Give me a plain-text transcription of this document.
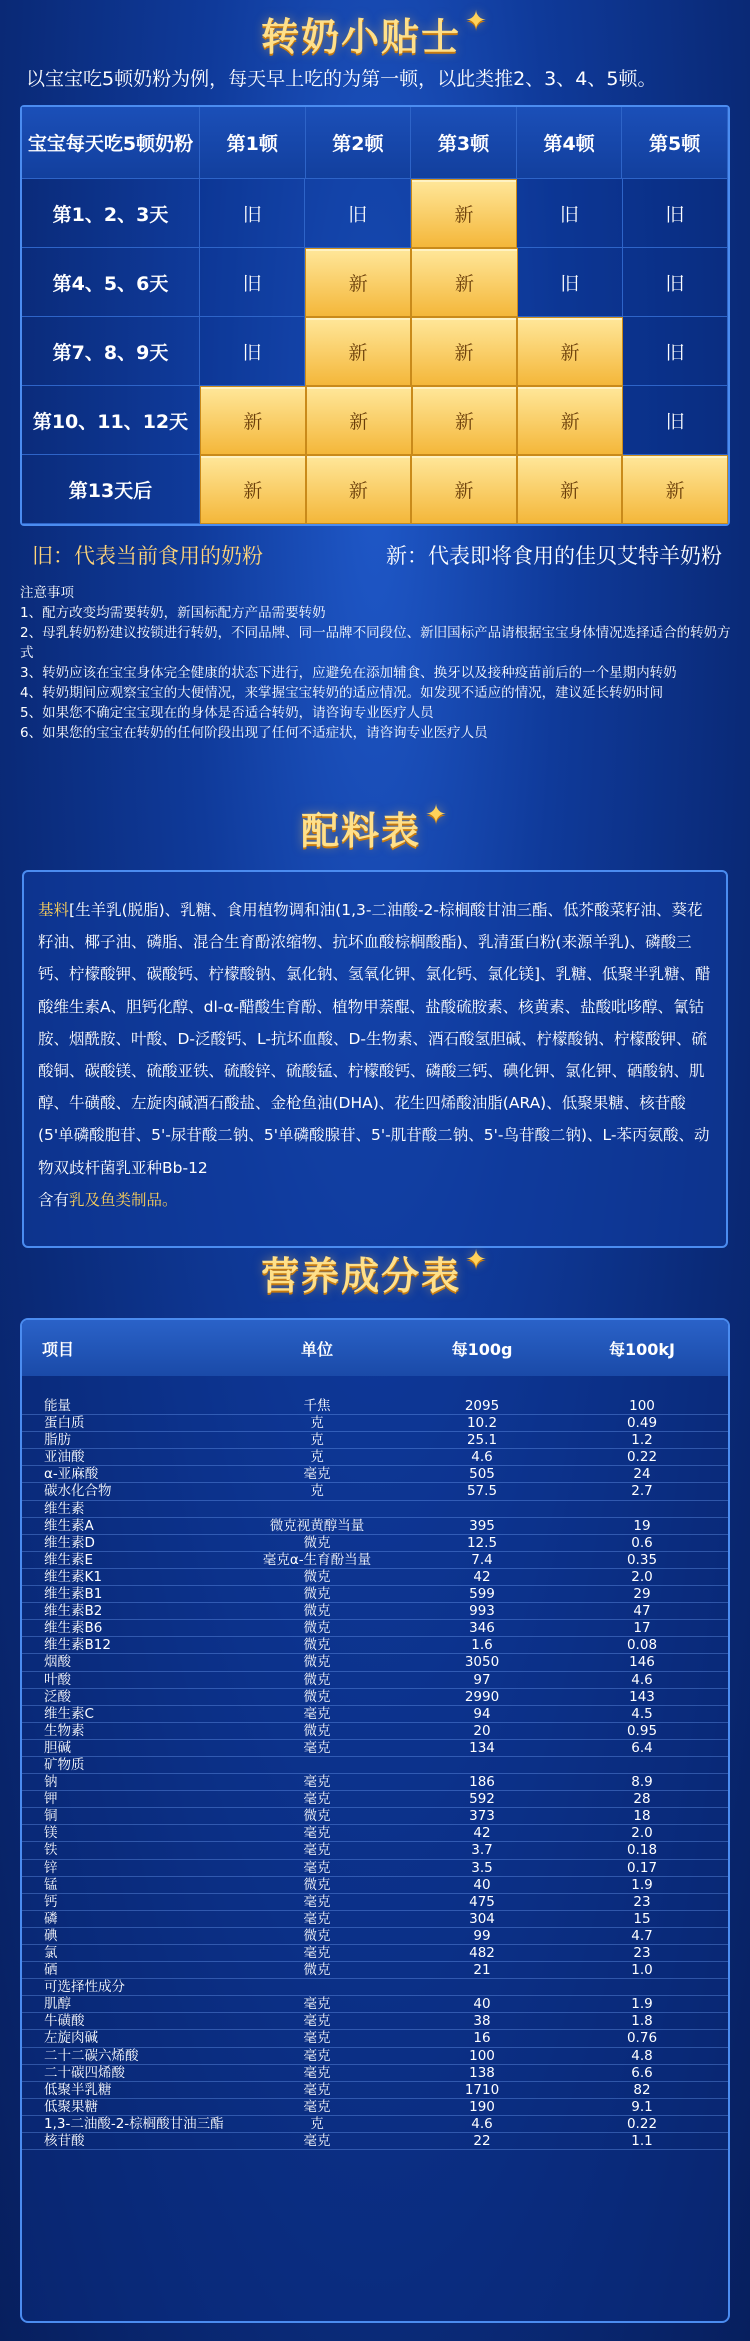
转奶小贴士 ✦
以宝宝吃5顿奶粉为例，每天早上吃的为第一顿，以此类推2、3、4、5顿。
宝宝每天吃5顿奶粉	第1顿	第2顿	第3顿	第4顿	第5顿
第1、2、3天	旧	旧	新	旧	旧
第4、5、6天	旧	新	新	旧	旧
第7、8、9天	旧	新	新	新	旧
第10、11、12天	新	新	新	新	旧
第13天后	新	新	新	新	新
旧：代表当前食用的奶粉	新：代表即将食用的佳贝艾特羊奶粉
注意事项
1、配方改变均需要转奶，新国标配方产品需要转奶
2、母乳转奶粉建议按锁进行转奶，不同品牌、同一品牌不同段位、新旧国标产品请根据宝宝身体情况选择适合的转奶方式
3、转奶应该在宝宝身体完全健康的状态下进行，应避免在添加辅食、换牙以及接种疫苗前后的一个星期内转奶
4、转奶期间应观察宝宝的大便情况，来掌握宝宝转奶的适应情况。如发现不适应的情况，建议延长转奶时间
5、如果您不确定宝宝现在的身体是否适合转奶，请咨询专业医疗人员
6、如果您的宝宝在转奶的任何阶段出现了任何不适症状，请咨询专业医疗人员
配料表 ✦
基料[生羊乳(脱脂)、乳糖、食用植物调和油(1,3-二油酸-2-棕榈酸甘油三酯、低芥酸菜籽油、葵花籽油、椰子油、磷脂、混合生育酚浓缩物、抗坏血酸棕榈酸酯)、乳清蛋白粉(来源羊乳)、磷酸三钙、柠檬酸钾、碳酸钙、柠檬酸钠、氯化钠、氢氧化钾、氯化钙、氯化镁]、乳糖、低聚半乳糖、醋酸维生素A、胆钙化醇、dl-α-醋酸生育酚、植物甲萘醌、盐酸硫胺素、核黄素、盐酸吡哆醇、氰钴胺、烟酰胺、叶酸、D-泛酸钙、L-抗坏血酸、D-生物素、酒石酸氢胆碱、柠檬酸钠、柠檬酸钾、硫酸铜、碳酸镁、硫酸亚铁、硫酸锌、硫酸锰、柠檬酸钙、磷酸三钙、碘化钾、氯化钾、硒酸钠、肌醇、牛磺酸、左旋肉碱酒石酸盐、金枪鱼油(DHA)、花生四烯酸油脂(ARA)、低聚果糖、核苷酸(5'单磷酸胞苷、5'-尿苷酸二钠、5'单磷酸腺苷、5'-肌苷酸二钠、5'-鸟苷酸二钠)、L-苯丙氨酸、动物双歧杆菌乳亚种Bb-12
含有乳及鱼类制品。
营养成分表 ✦
项目	单位	每100g	每100kJ
能量	千焦	2095	100
蛋白质	克	10.2	0.49
脂肪	克	25.1	1.2
亚油酸	克	4.6	0.22
α-亚麻酸	毫克	505	24
碳水化合物	克	57.5	2.7
维生素
维生素A	微克视黄醇当量	395	19
维生素D	微克	12.5	0.6
维生素E	毫克α-生育酚当量	7.4	0.35
维生素K1	微克	42	2.0
维生素B1	微克	599	29
维生素B2	微克	993	47
维生素B6	微克	346	17
维生素B12	微克	1.6	0.08
烟酸	微克	3050	146
叶酸	微克	97	4.6
泛酸	微克	2990	143
维生素C	毫克	94	4.5
生物素	微克	20	0.95
胆碱	毫克	134	6.4
矿物质
钠	毫克	186	8.9
钾	毫克	592	28
铜	微克	373	18
镁	毫克	42	2.0
铁	毫克	3.7	0.18
锌	毫克	3.5	0.17
锰	微克	40	1.9
钙	毫克	475	23
磷	毫克	304	15
碘	微克	99	4.7
氯	毫克	482	23
硒	微克	21	1.0
可选择性成分
肌醇	毫克	40	1.9
牛磺酸	毫克	38	1.8
左旋肉碱	毫克	16	0.76
二十二碳六烯酸	毫克	100	4.8
二十碳四烯酸	毫克	138	6.6
低聚半乳糖	毫克	1710	82
低聚果糖	毫克	190	9.1
1,3-二油酸-2-棕榈酸甘油三酯	克	4.6	0.22
核苷酸	毫克	22	1.1
